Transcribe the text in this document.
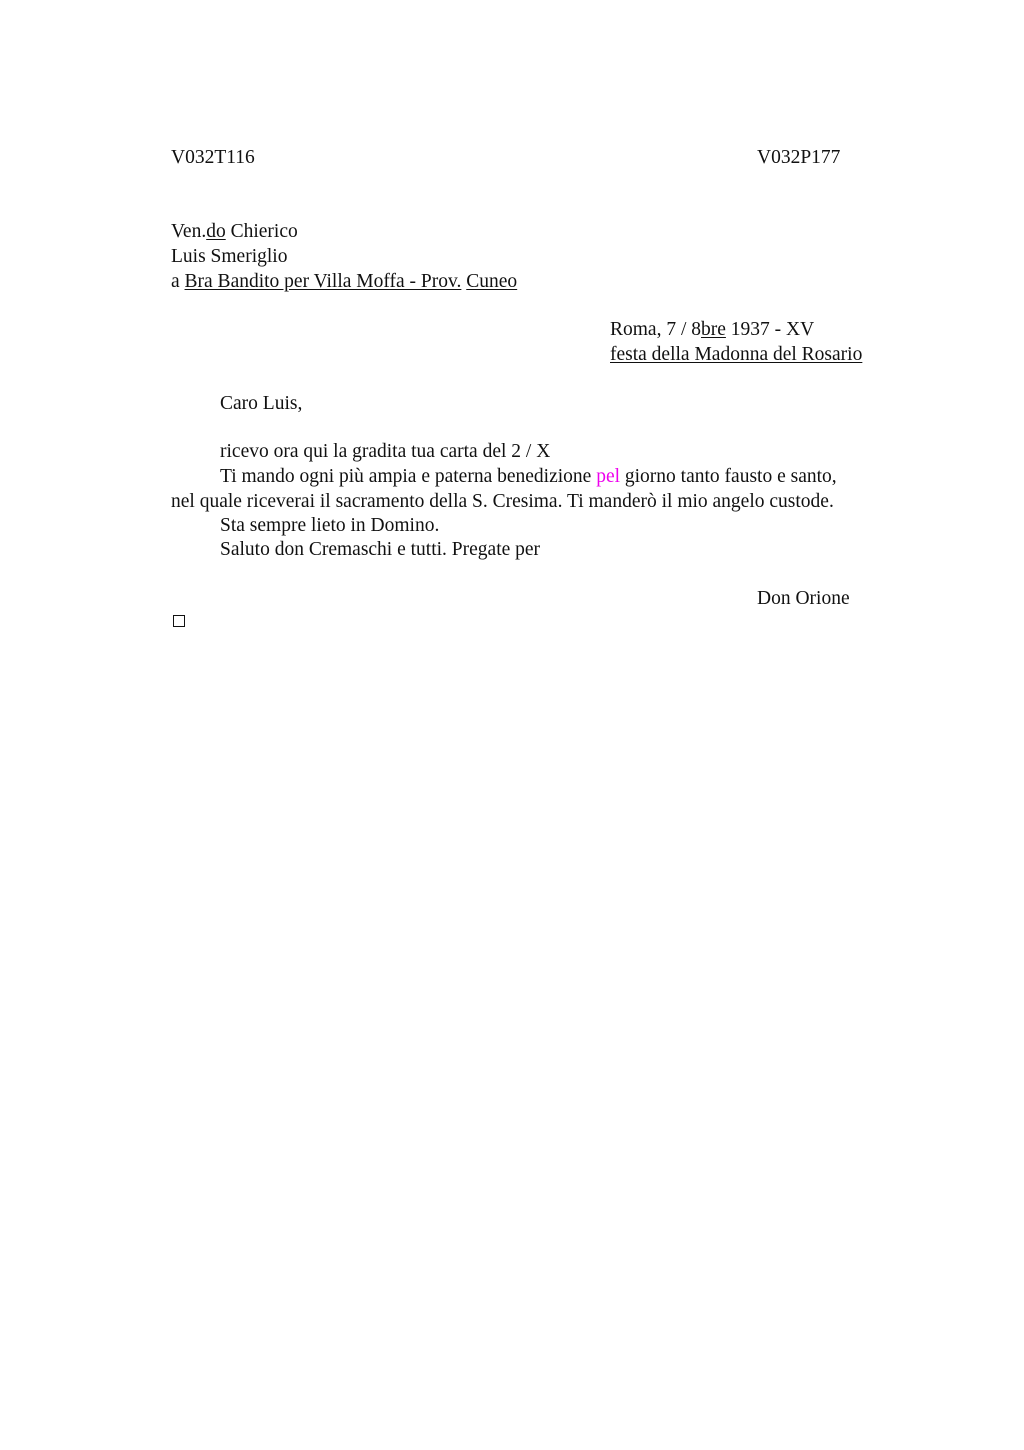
V032T116	V032P177
Ven.do Chierico
Luis Smeriglio
a Bra Bandito per Villa Moffa - Prov. Cuneo
Roma, 7 / 8bre 1937 - XV
festa della Madonna del Rosario
Caro Luis,
ricevo ora qui la gradita tua carta del 2 / X
Ti mando ogni più ampia e paterna benedizione pel giorno tanto fausto e santo,
nel quale riceverai il sacramento della S. Cresima. Ti manderò il mio angelo custode.
Sta sempre lieto in Domino.
Saluto don Cremaschi e tutti. Pregate per
Don Orione
